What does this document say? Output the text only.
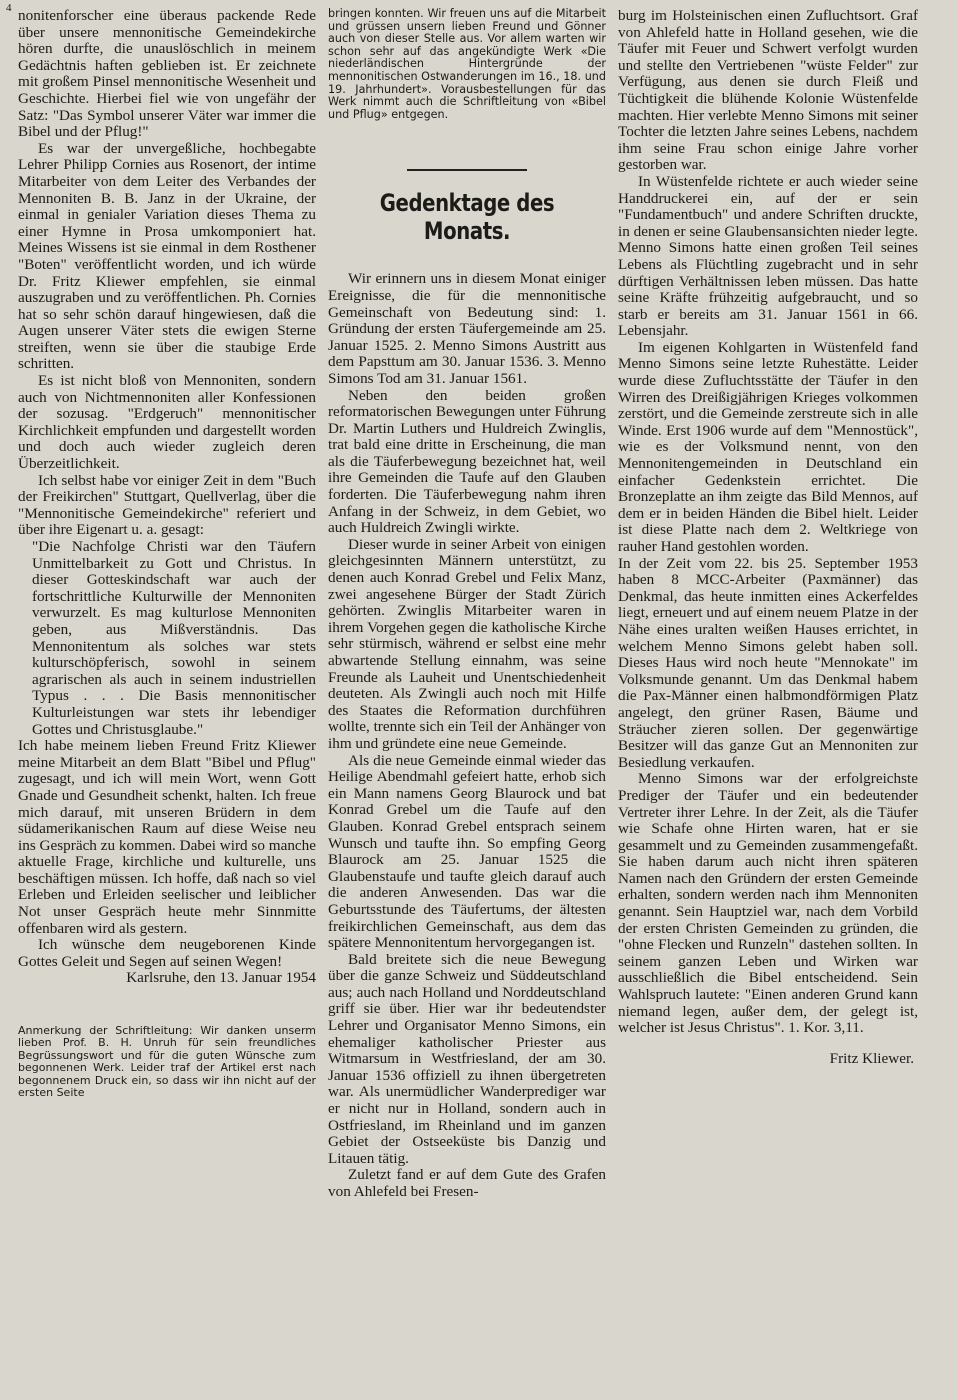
4 nonitenforscher eine überaus packende Rede über unsere mennonitische Gemeindekirche hören durfte, die unauslöschlich in meinem Gedächtnis haften geblieben ist. Er zeichnete mit großem Pinsel mennonitische Wesenheit und Geschichte. Hierbei fiel wie von ungefähr der Satz: "Das Symbol unserer Väter war immer die Bibel und der Pflug!"

Es war der unvergeßliche, hochbegabte Lehrer Philipp Cornies aus Rosenort, der intime Mitarbeiter von dem Leiter des Verbandes der Mennoniten B. B. Janz in der Ukraine, der einmal in genialer Variation dieses Thema zu einer Hymne in Prosa umkomponiert hat. Meines Wissens ist sie einmal in dem Rosthener "Boten" veröffentlicht worden, und ich würde Dr. Fritz Kliewer empfehlen, sie einmal auszugraben und zu veröffentlichen. Ph. Cornies hat so sehr schön darauf hingewiesen, daß die Augen unserer Väter stets die ewigen Sterne streiften, wenn sie über die staubige Erde schritten.

Es ist nicht bloß von Mennoniten, sondern auch von Nichtmennoniten aller Konfessionen der sozusag. "Erdgeruch" mennonitischer Kirchlichkeit empfunden und dargestellt worden und doch auch wieder zugleich deren Überzeitlichkeit.

Ich selbst habe vor einiger Zeit in dem "Buch der Freikirchen" Stuttgart, Quellverlag, über die "Mennonitische Gemeindekirche" referiert und über ihre Eigenart u. a. gesagt:

"Die Nachfolge Christi war den Täufern Unmittelbarkeit zu Gott und Christus. In dieser Gotteskindschaft war auch der fortschrittliche Kulturwille der Mennoniten verwurzelt. Es mag kulturlose Mennoniten geben, aus Mißverständnis. Das Mennonitentum als solches war stets kulturschöpferisch, sowohl in seinem agrarischen als auch in seinem industriellen Typus . . . Die Basis mennonitischer Kulturleistungen war stets ihr lebendiger Gottes und Christusglaube."

Ich habe meinem lieben Freund Fritz Kliewer meine Mitarbeit an dem Blatt "Bibel und Pflug" zugesagt, und ich will mein Wort, wenn Gott Gnade und Gesundheit schenkt, halten. Ich freue mich darauf, mit unseren Brüdern in dem südamerikanischen Raum auf diese Weise neu ins Gespräch zu kommen. Dabei wird so manche aktuelle Frage, kirchliche und kulturelle, uns beschäftigen müssen. Ich hoffe, daß nach so viel Erleben und Erleiden seelischer und leiblicher Not unser Gespräch heute mehr Sinnmitte offenbaren wird als gestern.

Ich wünsche dem neugeborenen Kinde Gottes Geleit und Segen auf seinen Wegen!

Karlsruhe, den 13. Januar 1954

Anmerkung der Schriftleitung: Wir danken unserm lieben Prof. B. H. Unruh für sein freundliches Begrüssungswort und für die guten Wünsche zum begonnenen Werk. Leider traf der Artikel erst nach begonnenem Druck ein, so dass wir ihn nicht auf der ersten Seite

bringen konnten. Wir freuen uns auf die Mitarbeit und grüssen unsern lieben Freund und Gönner auch von dieser Stelle aus. Vor allem warten wir schon sehr auf das angekündigte Werk «Die niederländischen Hintergründe der mennonitischen Ostwanderungen im 16., 18. und 19. Jahrhundert». Vorausbestellungen für das Werk nimmt auch die Schriftleitung von «Bibel und Pflug» entgegen.

Gedenktage des Monats.

Wir erinnern uns in diesem Monat einiger Ereignisse, die für die mennonitische Gemeinschaft von Bedeutung sind: 1. Gründung der ersten Täufergemeinde am 25. Januar 1525. 2. Menno Simons Austritt aus dem Papsttum am 30. Januar 1536. 3. Menno Simons Tod am 31. Januar 1561.

Neben den beiden großen reformatorischen Bewegungen unter Führung Dr. Martin Luthers und Huldreich Zwinglis, trat bald eine dritte in Erscheinung, die man als die Täuferbewegung bezeichnet hat, weil ihre Gemeinden die Taufe auf den Glauben forderten. Die Täuferbewegung nahm ihren Anfang in der Schweiz, in dem Gebiet, wo auch Huldreich Zwingli wirkte.

Dieser wurde in seiner Arbeit von einigen gleichgesinnten Männern unterstützt, zu denen auch Konrad Grebel und Felix Manz, zwei angesehene Bürger der Stadt Zürich gehörten. Zwinglis Mitarbeiter waren in ihrem Vorgehen gegen die katholische Kirche sehr stürmisch, während er selbst eine mehr abwartende Stellung einnahm, was seine Freunde als Lauheit und Unentschiedenheit deuteten. Als Zwingli auch noch mit Hilfe des Staates die Reformation durchführen wollte, trennte sich ein Teil der Anhänger von ihm und gründete eine neue Gemeinde.

Als die neue Gemeinde einmal wieder das Heilige Abendmahl gefeiert hatte, erhob sich ein Mann namens Georg Blaurock und bat Konrad Grebel um die Taufe auf den Glauben. Konrad Grebel entsprach seinem Wunsch und taufte ihn. So empfing Georg Blaurock am 25. Januar 1525 die Glaubenstaufe und taufte gleich darauf auch die anderen Anwesenden. Das war die Geburtsstunde des Täufertums, der ältesten freikirchlichen Gemeinschaft, aus dem das spätere Mennonitentum hervorgegangen ist.

Bald breitete sich die neue Bewegung über die ganze Schweiz und Süddeutschland aus; auch nach Holland und Norddeutschland griff sie über. Hier war ihr bedeutendster Lehrer und Organisator Menno Simons, ein ehemaliger katholischer Priester aus Witmarsum in Westfriesland, der am 30. Januar 1536 offiziell zu ihnen übergetreten war. Als unermüdlicher Wanderprediger war er nicht nur in Holland, sondern auch in Ostfriesland, im Rheinland und im ganzen Gebiet der Ostseeküste bis Danzig und Litauen tätig.

Zuletzt fand er auf dem Gute des Grafen von Ahlefeld bei Fresen-

burg im Holsteinischen einen Zufluchtsort. Graf von Ahlefeld hatte in Holland gesehen, wie die Täufer mit Feuer und Schwert verfolgt wurden und stellte den Vertriebenen "wüste Felder" zur Verfügung, aus denen sie durch Fleiß und Tüchtigkeit die blühende Kolonie Wüstenfelde machten. Hier verlebte Menno Simons mit seiner Tochter die letzten Jahre seines Lebens, nachdem ihm seine Frau schon einige Jahre vorher gestorben war.

In Wüstenfelde richtete er auch wieder seine Handdruckerei ein, auf der er sein "Fundamentbuch" und andere Schriften druckte, in denen er seine Glaubensansichten nieder legte. Menno Simons hatte einen großen Teil seines Lebens als Flüchtling zugebracht und in sehr dürftigen Verhältnissen leben müssen. Das hatte seine Kräfte frühzeitig aufgebraucht, und so starb er bereits am 31. Januar 1561 in 66. Lebensjahr.

Im eigenen Kohlgarten in Wüstenfeld fand Menno Simons seine letzte Ruhestätte. Leider wurde diese Zufluchtsstätte der Täufer in den Wirren des Dreißigjährigen Krieges volkommen zerstört, und die Gemeinde zerstreute sich in alle Winde. Erst 1906 wurde auf dem "Mennostück", wie es der Volksmund nennt, von den Mennonitengemeinden in Deutschland ein einfacher Gedenkstein errichtet. Die Bronzeplatte an ihm zeigte das Bild Mennos, auf dem er in beiden Händen die Bibel hielt. Leider ist diese Platte nach dem 2. Weltkriege von rauher Hand gestohlen worden.

In der Zeit vom 22. bis 25. September 1953 haben 8 MCC-Arbeiter (Paxmänner) das Denkmal, das heute inmitten eines Ackerfeldes liegt, erneuert und auf einem neuem Platze in der Nähe eines uralten weißen Hauses errichtet, in welchem Menno Simons gelebt haben soll. Dieses Haus wird noch heute "Mennokate" im Volksmunde genannt. Um das Denkmal habem die Pax-Männer einen halbmondförmigen Platz angelegt, den grüner Rasen, Bäume und Sträucher zieren sollen. Der gegenwärtige Besitzer will das ganze Gut an Mennoniten zur Besiedlung verkaufen.

Menno Simons war der erfolgreichste Prediger der Täufer und ein bedeutender Vertreter ihrer Lehre. In der Zeit, als die Täufer wie Schafe ohne Hirten waren, hat er sie gesammelt und zu Gemeinden zusammengefaßt. Sie haben darum auch nicht ihren späteren Namen nach den Gründern der ersten Gemeinde erhalten, sondern werden nach ihm Mennoniten genannt. Sein Hauptziel war, nach dem Vorbild der ersten Christen Gemeinden zu gründen, die "ohne Flecken und Runzeln" dastehen sollten. In seinem ganzen Leben und Wirken war ausschließlich die Bibel entscheidend. Sein Wahlspruch lautete: "Einen anderen Grund kann niemand legen, außer dem, der gelegt ist, welcher ist Jesus Christus". 1. Kor. 3,11.

Fritz Kliewer.
